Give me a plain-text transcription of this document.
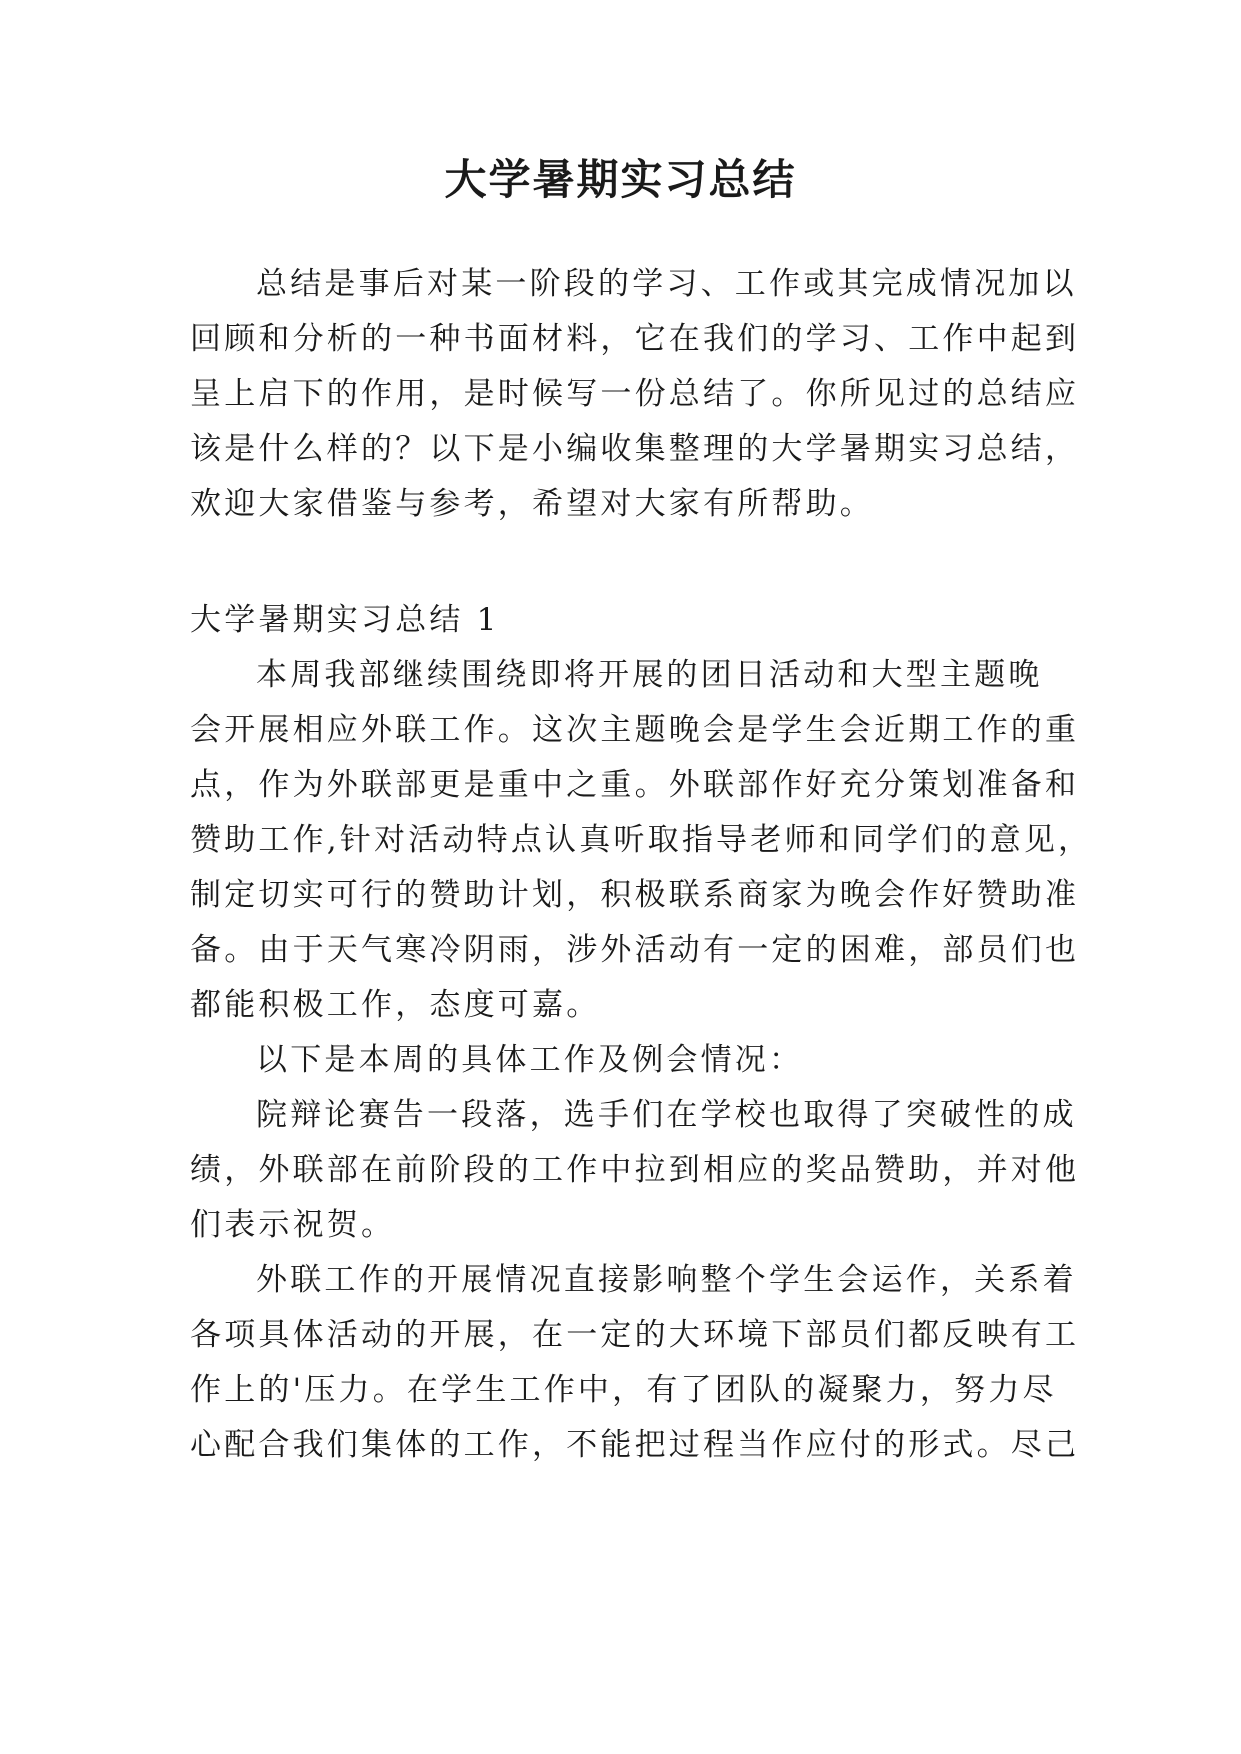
大学暑期实习总结

总结是事后对某一阶段的学习、工作或其完成情况加以

回顾和分析的一种书面材料，它在我们的学习、工作中起到

呈上启下的作用，是时候写一份总结了。你所见过的总结应

该是什么样的？以下是小编收集整理的大学暑期实习总结，

欢迎大家借鉴与参考，希望对大家有所帮助。

大学暑期实习总结 1

本周我部继续围绕即将开展的团日活动和大型主题晚

会开展相应外联工作。这次主题晚会是学生会近期工作的重

点，作为外联部更是重中之重。外联部作好充分策划准备和

赞助工作,针对活动特点认真听取指导老师和同学们的意见，

制定切实可行的赞助计划，积极联系商家为晚会作好赞助准

备。由于天气寒冷阴雨，涉外活动有一定的困难，部员们也

都能积极工作，态度可嘉。

以下是本周的具体工作及例会情况：

院辩论赛告一段落，选手们在学校也取得了突破性的成

绩，外联部在前阶段的工作中拉到相应的奖品赞助，并对他

们表示祝贺。

外联工作的开展情况直接影响整个学生会运作，关系着

各项具体活动的开展，在一定的大环境下部员们都反映有工

作上的'压力。在学生工作中，有了团队的凝聚力，努力尽

心配合我们集体的工作，不能把过程当作应付的形式。尽己
